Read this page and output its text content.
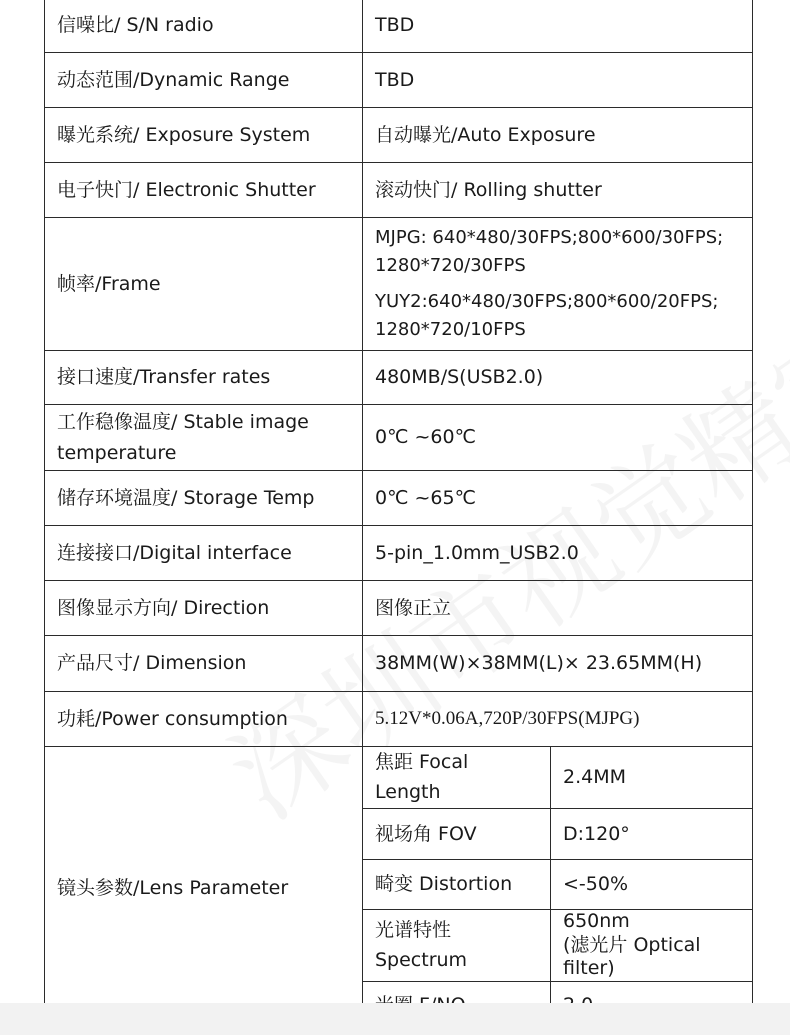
信噪比/ S/N radio	TBD	
动态范围/Dynamic Range	TBD	
曝光系统/ Exposure System	自动曝光/Auto Exposure	
电子快门/ Electronic Shutter	滚动快门/ Rolling shutter	
帧率/Frame	MJPG: 640*480/30FPS;800*600/30FPS;
1280*720/30FPS
YUY2:640*480/30FPS;800*600/20FPS;
1280*720/10FPS	

接口速度/Transfer rates	480MB/S(USB2.0)	

工作稳像温度/ Stable image
temperature	0℃ ~60℃	
储存环境温度/ Storage Temp	0℃ ~65℃	
连接接口/Digital interface	5-pin_1.0mm_USB2.0	
图像显示方向/ Direction	图像正立	
产品尺寸/ Dimension	38MM(W)×38MM(L)× 23.65MM(H)	
功耗/Power consumption	5.12V*0.06A,720P/30FPS(MJPG)	
镜头参数/Lens Parameter	焦距 Focal Length	2.4MM
	视场角 FOV	D:120°
	畸变 Distortion	<-50%
	光谱特性 Spectrum	650nm
(滤光片 Optical filter)
